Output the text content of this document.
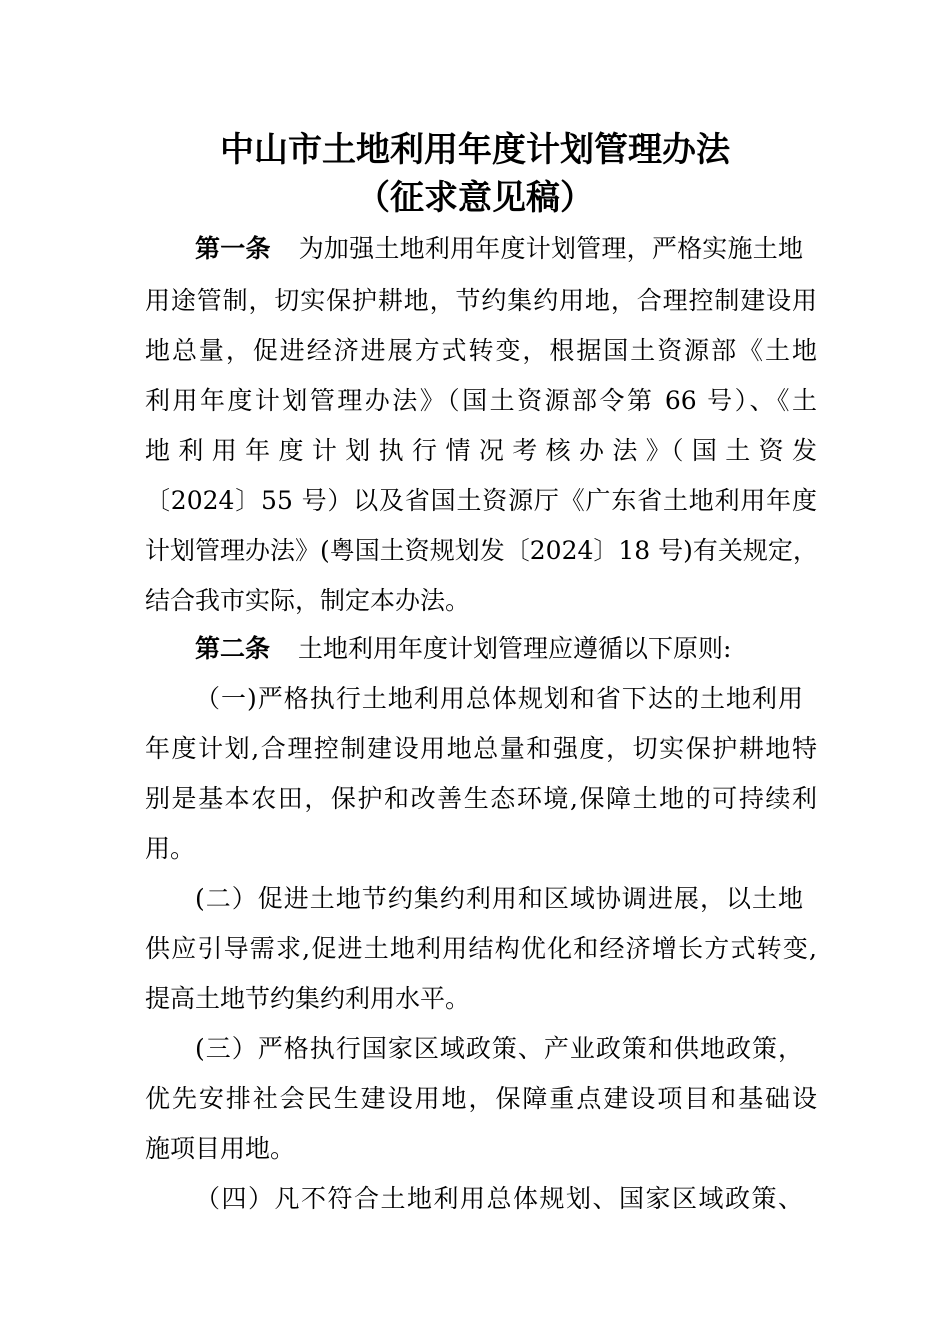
中山市土地利用年度计划管理办法
（征求意见稿）

第一条 为加强土地利用年度计划管理，严格实施土地

用途管制，切实保护耕地，节约集约用地，合理控制建设用

地总量，促进经济进展方式转变，根据国土资源部《土地

利用年度计划管理办法》（国土资源部令第 66 号）、《土

地 利 用 年 度 计 划 执 行 情 况 考 核 办 法 》（ 国 土 资 发

〔2024〕55 号）以及省国土资源厅《广东省土地利用年度

计划管理办法》(粤国土资规划发〔2024〕18 号)有关规定，

结合我市实际，制定本办法。

第二条 土地利用年度计划管理应遵循以下原则:

（一)严格执行土地利用总体规划和省下达的土地利用

年度计划,合理控制建设用地总量和强度，切实保护耕地特

别是基本农田，保护和改善生态环境,保障土地的可持续利

用。

(二）促进土地节约集约利用和区域协调进展，以土地

供应引导需求,促进土地利用结构优化和经济增长方式转变,

提高土地节约集约利用水平。

(三）严格执行国家区域政策、产业政策和供地政策，

优先安排社会民生建设用地，保障重点建设项目和基础设

施项目用地。

（四）凡不符合土地利用总体规划、国家区域政策、
